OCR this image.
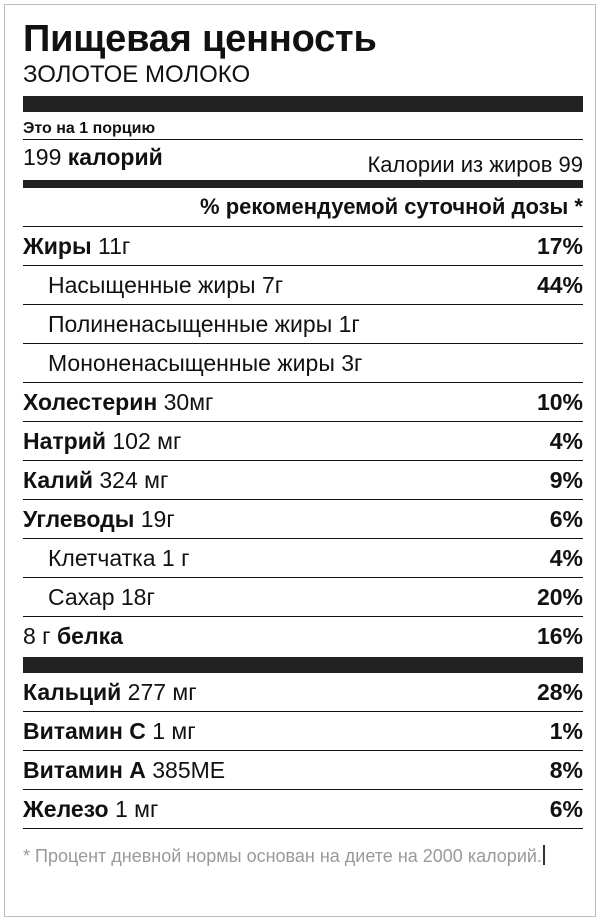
Пищевая ценность
ЗОЛОТОЕ МОЛОКО
Это на 1 порцию
199 калорий	Калории из жиров 99
% рекомендуемой суточной дозы *
Жиры 11г	17%
Насыщенные жиры 7г	44%
Полиненасыщенные жиры 1г
Мононенасыщенные жиры 3г
Холестерин 30мг	10%
Натрий 102 мг	4%
Калий 324 мг	9%
Углеводы 19г	6%
Клетчатка 1 г	4%
Сахар 18г	20%
8 г белка	16%
Кальций 277 мг	28%
Витамин C 1 мг	1%
Витамин A 385МЕ	8%
Железо 1 мг	6%
* Процент дневной нормы основан на диете на 2000 калорий.
